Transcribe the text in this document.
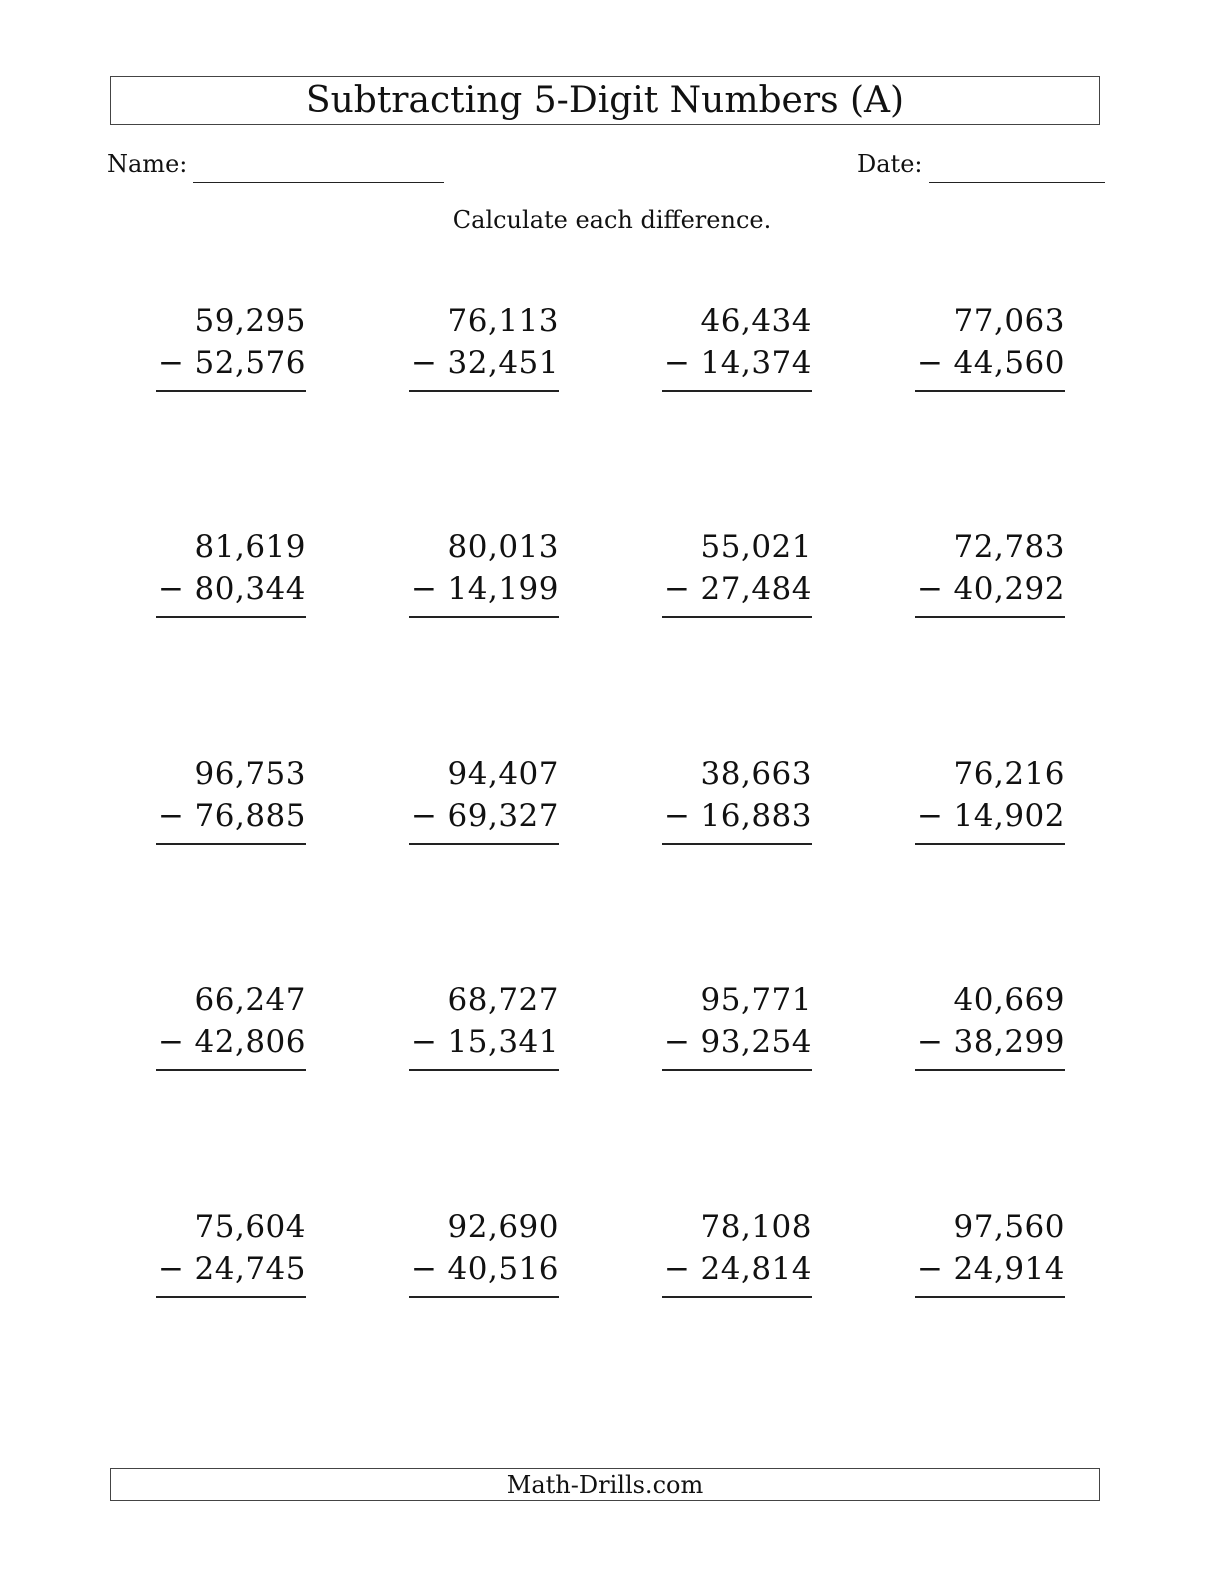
Subtracting 5-Digit Numbers (A)
Name:	Date:
Calculate each difference.
59,295
− 52,576
76,113
− 32,451
46,434
− 14,374
77,063
− 44,560
81,619
− 80,344
80,013
− 14,199
55,021
− 27,484
72,783
− 40,292
96,753
− 76,885
94,407
− 69,327
38,663
− 16,883
76,216
− 14,902
66,247
− 42,806
68,727
− 15,341
95,771
− 93,254
40,669
− 38,299
75,604
− 24,745
92,690
− 40,516
78,108
− 24,814
97,560
− 24,914
Math-Drills.com
